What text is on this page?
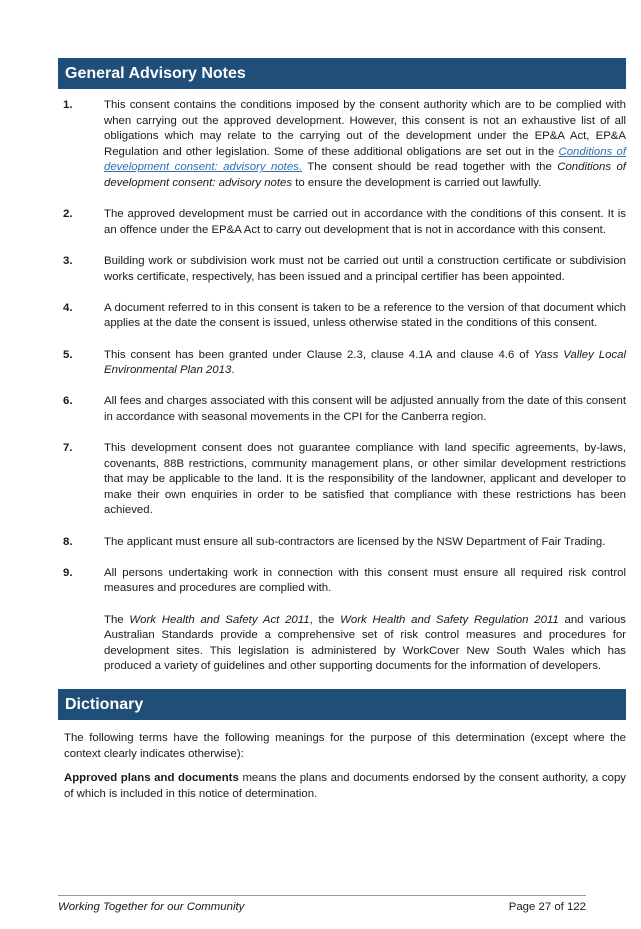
General Advisory Notes
1.	This consent contains the conditions imposed by the consent authority which are to be complied with when carrying out the approved development. However, this consent is not an exhaustive list of all obligations which may relate to the carrying out of the development under the EP&A Act, EP&A Regulation and other legislation. Some of these additional obligations are set out in the Conditions of development consent: advisory notes. The consent should be read together with the Conditions of development consent: advisory notes to ensure the development is carried out lawfully.
2.	The approved development must be carried out in accordance with the conditions of this consent. It is an offence under the EP&A Act to carry out development that is not in accordance with this consent.
3.	Building work or subdivision work must not be carried out until a construction certificate or subdivision works certificate, respectively, has been issued and a principal certifier has been appointed.
4.	A document referred to in this consent is taken to be a reference to the version of that document which applies at the date the consent is issued, unless otherwise stated in the conditions of this consent.
5.	This consent has been granted under Clause 2.3, clause 4.1A and clause 4.6 of Yass Valley Local Environmental Plan 2013.
6.	All fees and charges associated with this consent will be adjusted annually from the date of this consent in accordance with seasonal movements in the CPI for the Canberra region.
7.	This development consent does not guarantee compliance with land specific agreements, by-laws, covenants, 88B restrictions, community management plans, or other similar development restrictions that may be applicable to the land. It is the responsibility of the landowner, applicant and developer to make their own enquiries in order to be satisfied that compliance with these restrictions has been achieved.
8.	The applicant must ensure all sub-contractors are licensed by the NSW Department of Fair Trading.
9.	All persons undertaking work in connection with this consent must ensure all required risk control measures and procedures are complied with.
The Work Health and Safety Act 2011, the Work Health and Safety Regulation 2011 and various Australian Standards provide a comprehensive set of risk control measures and procedures for development sites. This legislation is administered by WorkCover New South Wales which has produced a variety of guidelines and other supporting documents for the information of developers.
Dictionary

The following terms have the following meanings for the purpose of this determination (except where the context clearly indicates otherwise):

Approved plans and documents means the plans and documents endorsed by the consent authority, a copy of which is included in this notice of determination.

Working Together for our Community	Page 27 of 122
